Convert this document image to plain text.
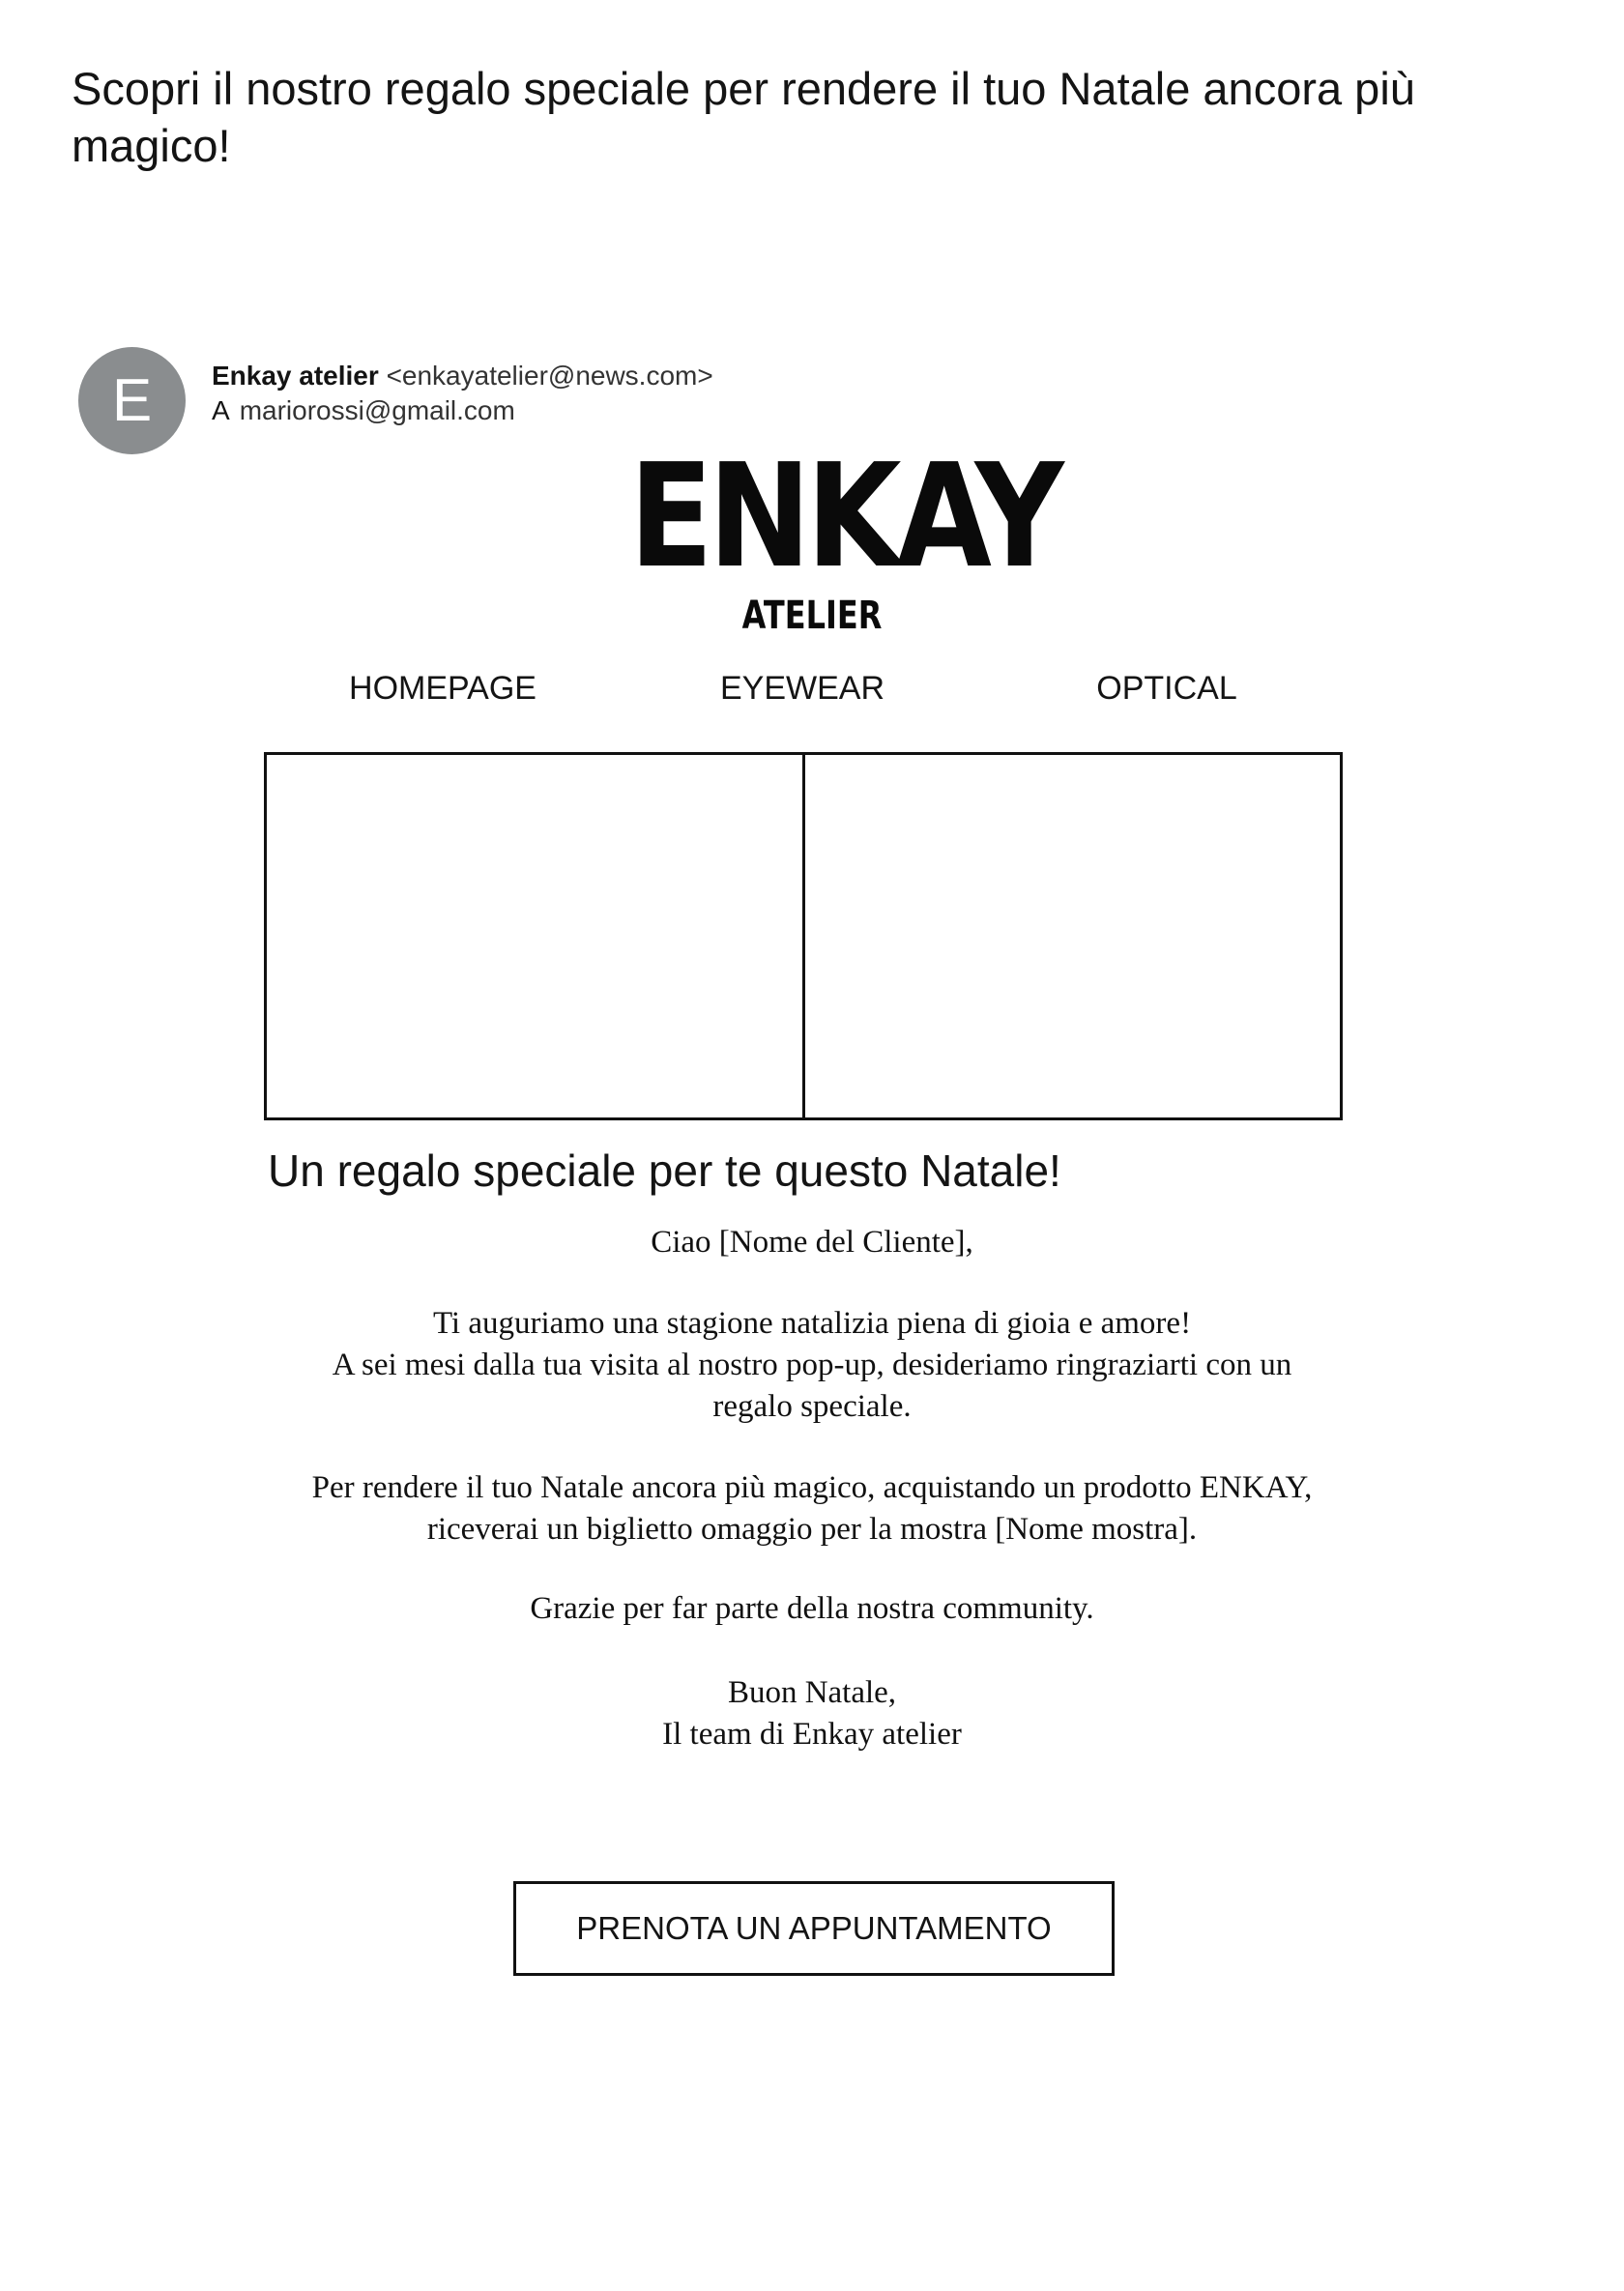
Scopri il nostro regalo speciale per rendere il tuo Natale ancora più magico!
E	Enkay atelier <enkayatelier@news.com>
A mariorossi@gmail.com
ENKAY
ATELIER
HOMEPAGE	EYEWEAR	OPTICAL
Un regalo speciale per te questo Natale!
Ciao [Nome del Cliente],
Ti auguriamo una stagione natalizia piena di gioia e amore!
A sei mesi dalla tua visita al nostro pop-up, desideriamo ringraziarti con un regalo speciale.
Per rendere il tuo Natale ancora più magico, acquistando un prodotto ENKAY,
riceverai un biglietto omaggio per la mostra [Nome mostra].
Grazie per far parte della nostra community.
Buon Natale,
Il team di Enkay atelier
PRENOTA UN APPUNTAMENTO
